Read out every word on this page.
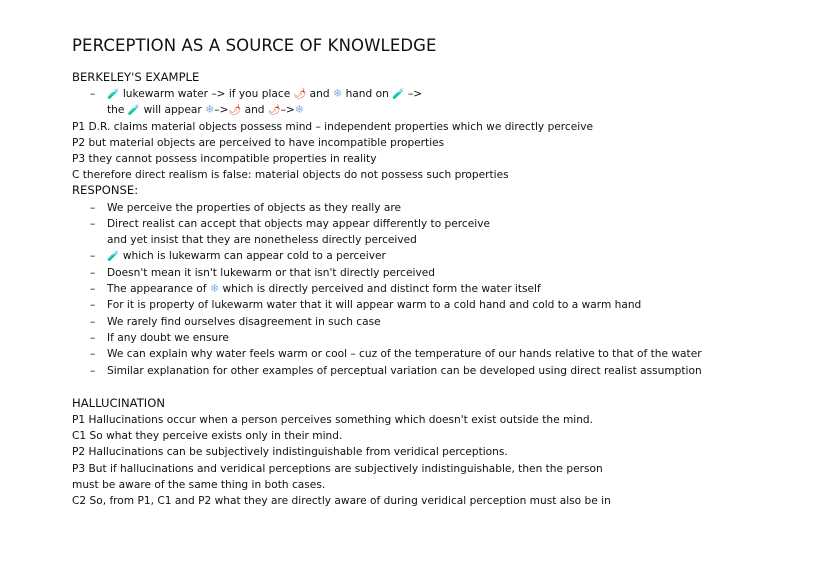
PERCEPTION AS A SOURCE OF KNOWLEDGE
BERKELEY'S EXAMPLE
– 🧪 lukewarm water –> if you place 🌶 and ❄ hand on 🧪 –>
the 🧪 will appear ❄–>🌶 and 🌶–>❄
P1 D.R. claims material objects possess mind – independent properties which we directly perceive
P2 but material objects are perceived to have incompatible properties
P3 they cannot possess incompatible properties in reality
C therefore direct realism is false: material objects do not possess such properties
RESPONSE:
– We perceive the properties of objects as they really are
– Direct realist can accept that objects may appear differently to perceive
and yet insist that they are nonetheless directly perceived
– 🧪 which is lukewarm can appear cold to a perceiver
– Doesn't mean it isn't lukewarm or that isn't directly perceived
– The appearance of ❄ which is directly perceived and distinct form the water itself
– For it is property of lukewarm water that it will appear warm to a cold hand and cold to a warm hand
– We rarely find ourselves disagreement in such case
– If any doubt we ensure
– We can explain why water feels warm or cool – cuz of the temperature of our hands relative to that of the water
– Similar explanation for other examples of perceptual variation can be developed using direct realist assumption
HALLUCINATION
P1 Hallucinations occur when a person perceives something which doesn't exist outside the mind.
C1 So what they perceive exists only in their mind.
P2 Hallucinations can be subjectively indistinguishable from veridical perceptions.
P3 But if hallucinations and veridical perceptions are subjectively indistinguishable, then the person
must be aware of the same thing in both cases.
C2 So, from P1, C1 and P2 what they are directly aware of during veridical perception must also be in
